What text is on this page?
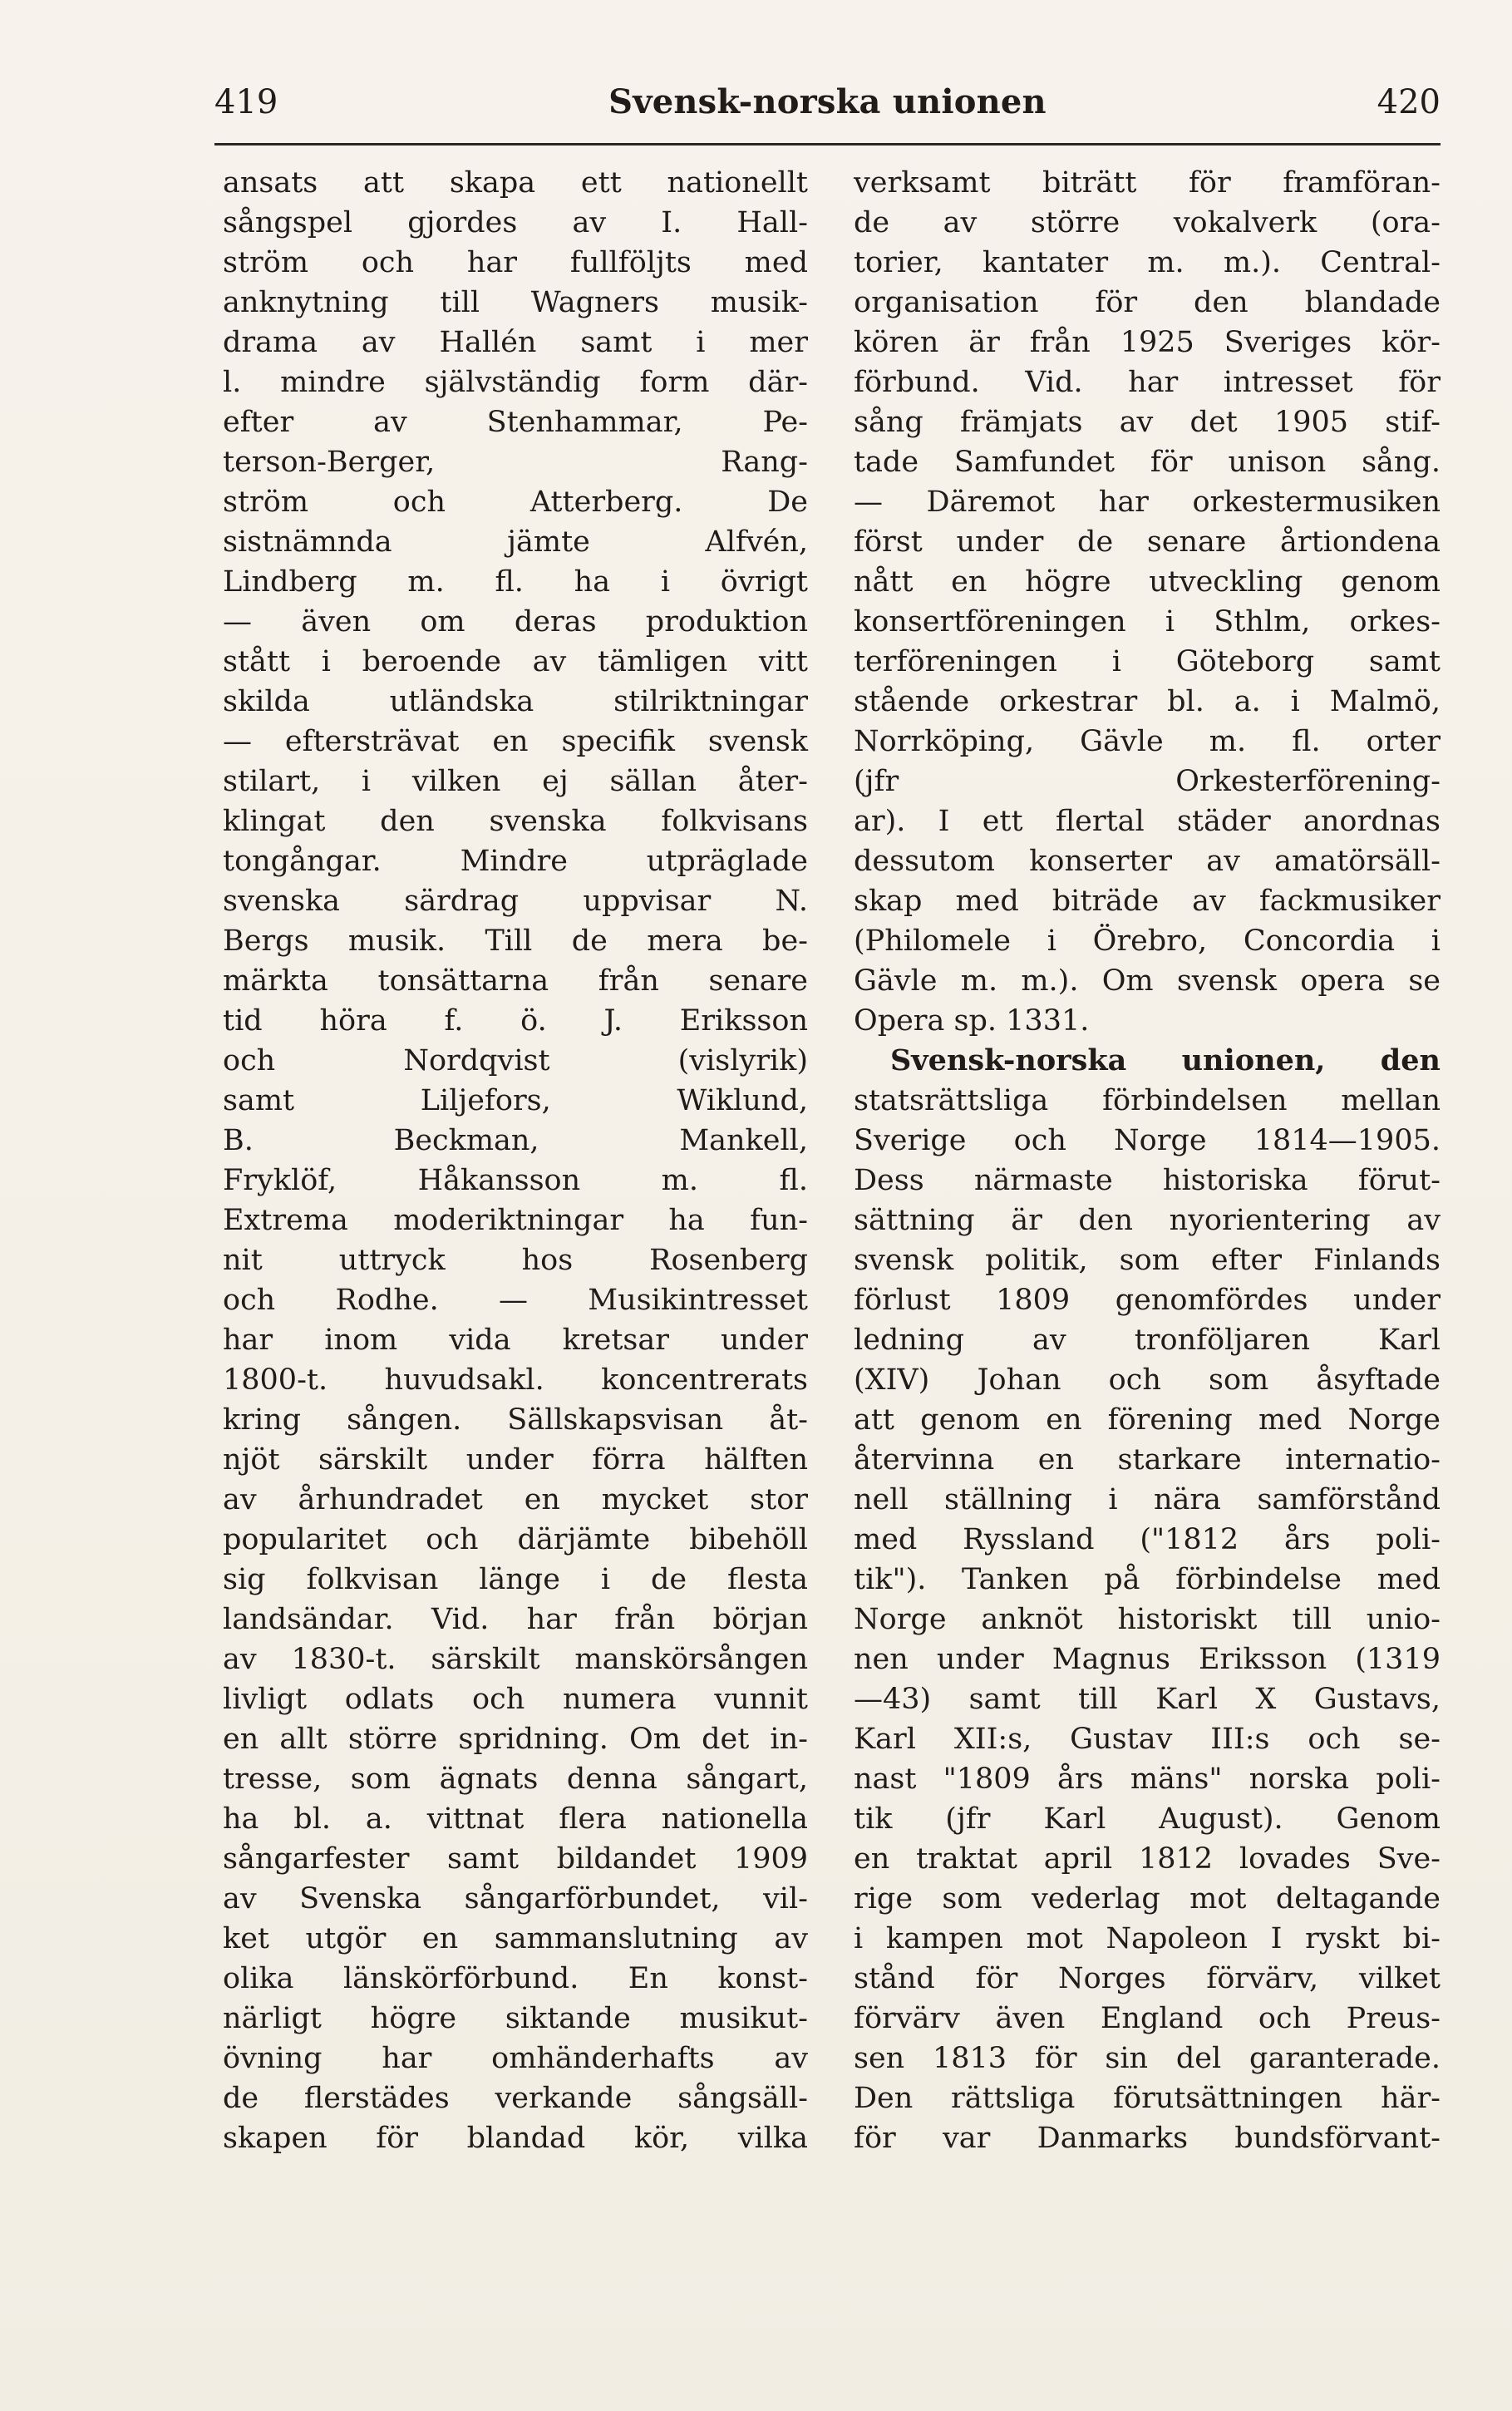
419	Svensk-norska unionen	420
ansats att skapa ett nationellt
sångspel gjordes av I. Hall-
ström och har fullföljts med
anknytning till Wagners musik-
drama av Hallén samt i mer
l. mindre självständig form där-
efter av Stenhammar, Pe-
terson-Berger, Rang-
ström och Atterberg. De
sistnämnda jämte Alfvén,
Lindberg m. fl. ha i övrigt
— även om deras produktion
stått i beroende av tämligen vitt
skilda utländska stilriktningar
— eftersträvat en specifik svensk
stilart, i vilken ej sällan åter-
klingat den svenska folkvisans
tongångar. Mindre utpräglade
svenska särdrag uppvisar N.
Bergs musik. Till de mera be-
märkta tonsättarna från senare
tid höra f. ö. J. Eriksson
och Nordqvist (vislyrik)
samt Liljefors, Wiklund,
B. Beckman, Mankell,
Fryklöf, Håkansson m. fl.
Extrema moderiktningar ha fun-
nit uttryck hos Rosenberg
och Rodhe. — Musikintresset
har inom vida kretsar under
1800-t. huvudsakl. koncentrerats
kring sången. Sällskapsvisan åt-
njöt särskilt under förra hälften
av århundradet en mycket stor
popularitet och därjämte bibehöll
sig folkvisan länge i de flesta
landsändar. Vid. har från början
av 1830-t. särskilt manskörsången
livligt odlats och numera vunnit
en allt större spridning. Om det in-
tresse, som ägnats denna sångart,
ha bl. a. vittnat flera nationella
sångarfester samt bildandet 1909
av Svenska sångarförbundet, vil-
ket utgör en sammanslutning av
olika länskörförbund. En konst-
närligt högre siktande musikut-
övning har omhänderhafts av
de flerstädes verkande sångsäll-
skapen för blandad kör, vilka
verksamt biträtt för framföran-
de av större vokalverk (ora-
torier, kantater m. m.). Central-
organisation för den blandade
kören är från 1925 Sveriges kör-
förbund. Vid. har intresset för
sång främjats av det 1905 stif-
tade Samfundet för unison sång.
— Däremot har orkestermusiken
först under de senare årtiondena
nått en högre utveckling genom
konsertföreningen i Sthlm, orkes-
terföreningen i Göteborg samt
stående orkestrar bl. a. i Malmö,
Norrköping, Gävle m. fl. orter
(jfr Orkesterförening-
ar). I ett flertal städer anordnas
dessutom konserter av amatörsäll-
skap med biträde av fackmusiker
(Philomele i Örebro, Concordia i
Gävle m. m.). Om svensk opera se
Opera sp. 1331.
Svensk-norska unionen, den
statsrättsliga förbindelsen mellan
Sverige och Norge 1814—1905.
Dess närmaste historiska förut-
sättning är den nyorientering av
svensk politik, som efter Finlands
förlust 1809 genomfördes under
ledning av tronföljaren Karl
(XIV) Johan och som åsyftade
att genom en förening med Norge
återvinna en starkare internatio-
nell ställning i nära samförstånd
med Ryssland ("1812 års poli-
tik"). Tanken på förbindelse med
Norge anknöt historiskt till unio-
nen under Magnus Eriksson (1319
—43) samt till Karl X Gustavs,
Karl XII:s, Gustav III:s och se-
nast "1809 års mäns" norska poli-
tik (jfr Karl August). Genom
en traktat april 1812 lovades Sve-
rige som vederlag mot deltagande
i kampen mot Napoleon I ryskt bi-
stånd för Norges förvärv, vilket
förvärv även England och Preus-
sen 1813 för sin del garanterade.
Den rättsliga förutsättningen här-
för var Danmarks bundsförvant-
